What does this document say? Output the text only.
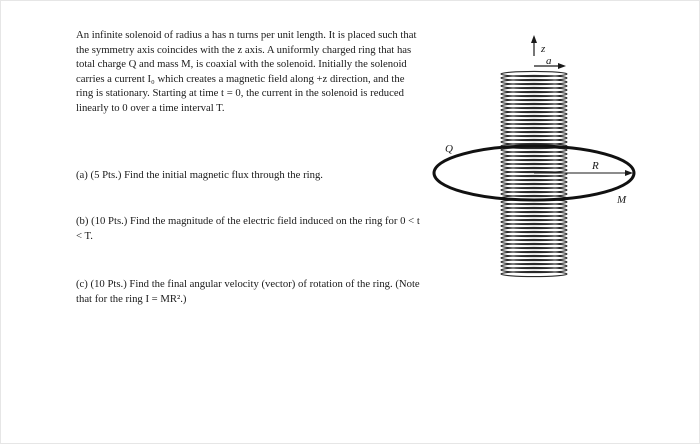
An infinite solenoid of radius a has n turns per unit length. It is placed such that the symmetry axis coincides with the z axis. A uniformly charged ring that has total charge Q and mass M, is coaxial with the solenoid. Initially the solenoid carries a current I₀ which creates a magnetic field along +z direction, and the ring is stationary. Starting at time t = 0, the current in the solenoid is reduced linearly to 0 over a time interval T.

(a) (5 Pts.) Find the initial magnetic flux through the ring.

(b) (10 Pts.) Find the magnitude of the electric field induced on the ring for 0 < t < T.

(c) (10 Pts.) Find the final angular velocity (vector) of rotation of the ring. (Note that for the ring I = MR².)

z
a
R
Q
M
